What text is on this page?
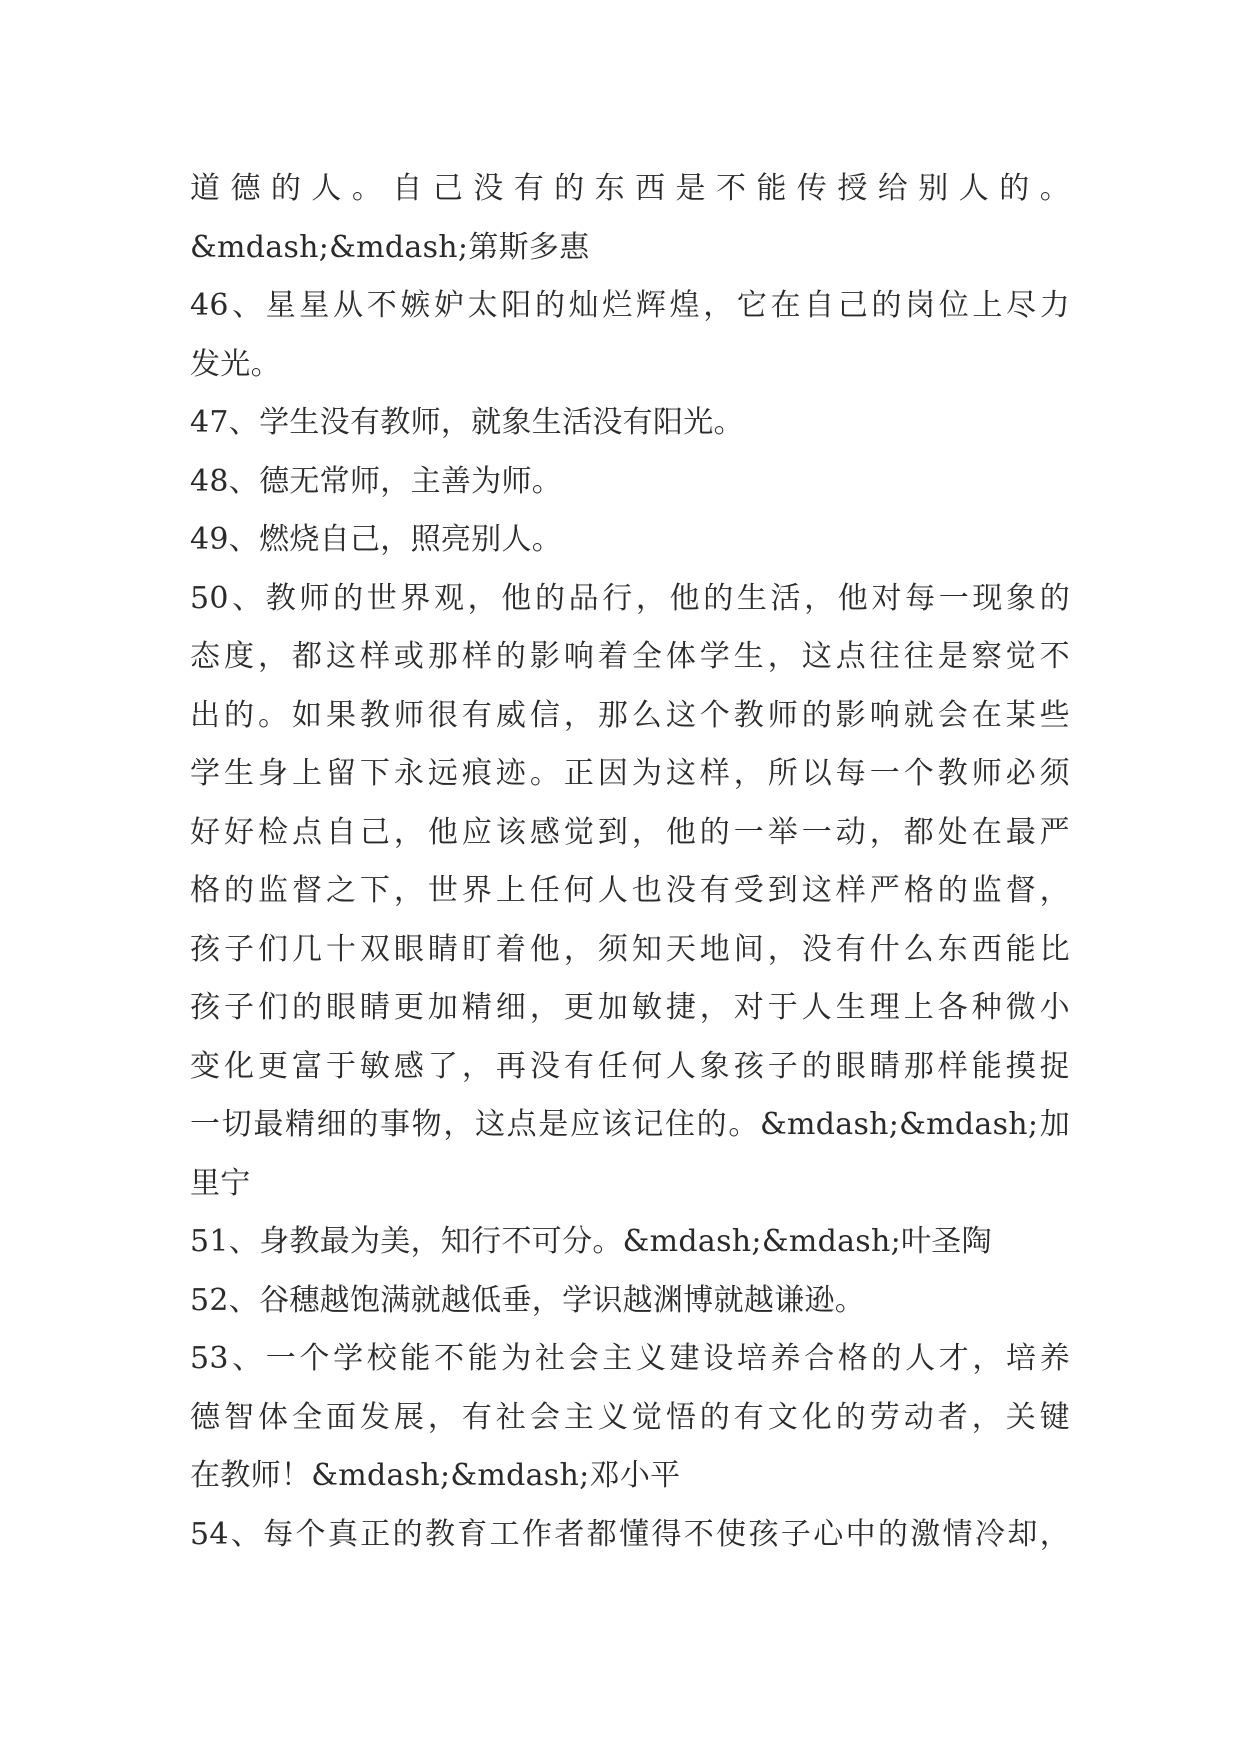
道德的人。自己没有的东西是不能传授给别人的。
&mdash;&mdash;第斯多惠
46、星星从不嫉妒太阳的灿烂辉煌，它在自己的岗位上尽力
发光。
47、学生没有教师，就象生活没有阳光。
48、德无常师，主善为师。
49、燃烧自己，照亮别人。
50、教师的世界观，他的品行，他的生活，他对每一现象的
态度，都这样或那样的影响着全体学生，这点往往是察觉不
出的。如果教师很有威信，那么这个教师的影响就会在某些
学生身上留下永远痕迹。正因为这样，所以每一个教师必须
好好检点自己，他应该感觉到，他的一举一动，都处在最严
格的监督之下，世界上任何人也没有受到这样严格的监督，
孩子们几十双眼睛盯着他，须知天地间，没有什么东西能比
孩子们的眼睛更加精细，更加敏捷，对于人生理上各种微小
变化更富于敏感了，再没有任何人象孩子的眼睛那样能摸捉
一切最精细的事物，这点是应该记住的。&mdash;&mdash;加
里宁
51、身教最为美，知行不可分。&mdash;&mdash;叶圣陶
52、谷穗越饱满就越低垂，学识越渊博就越谦逊。
53、一个学校能不能为社会主义建设培养合格的人才，培养
德智体全面发展，有社会主义觉悟的有文化的劳动者，关键
在教师！&mdash;&mdash;邓小平
54、每个真正的教育工作者都懂得不使孩子心中的激情冷却，
